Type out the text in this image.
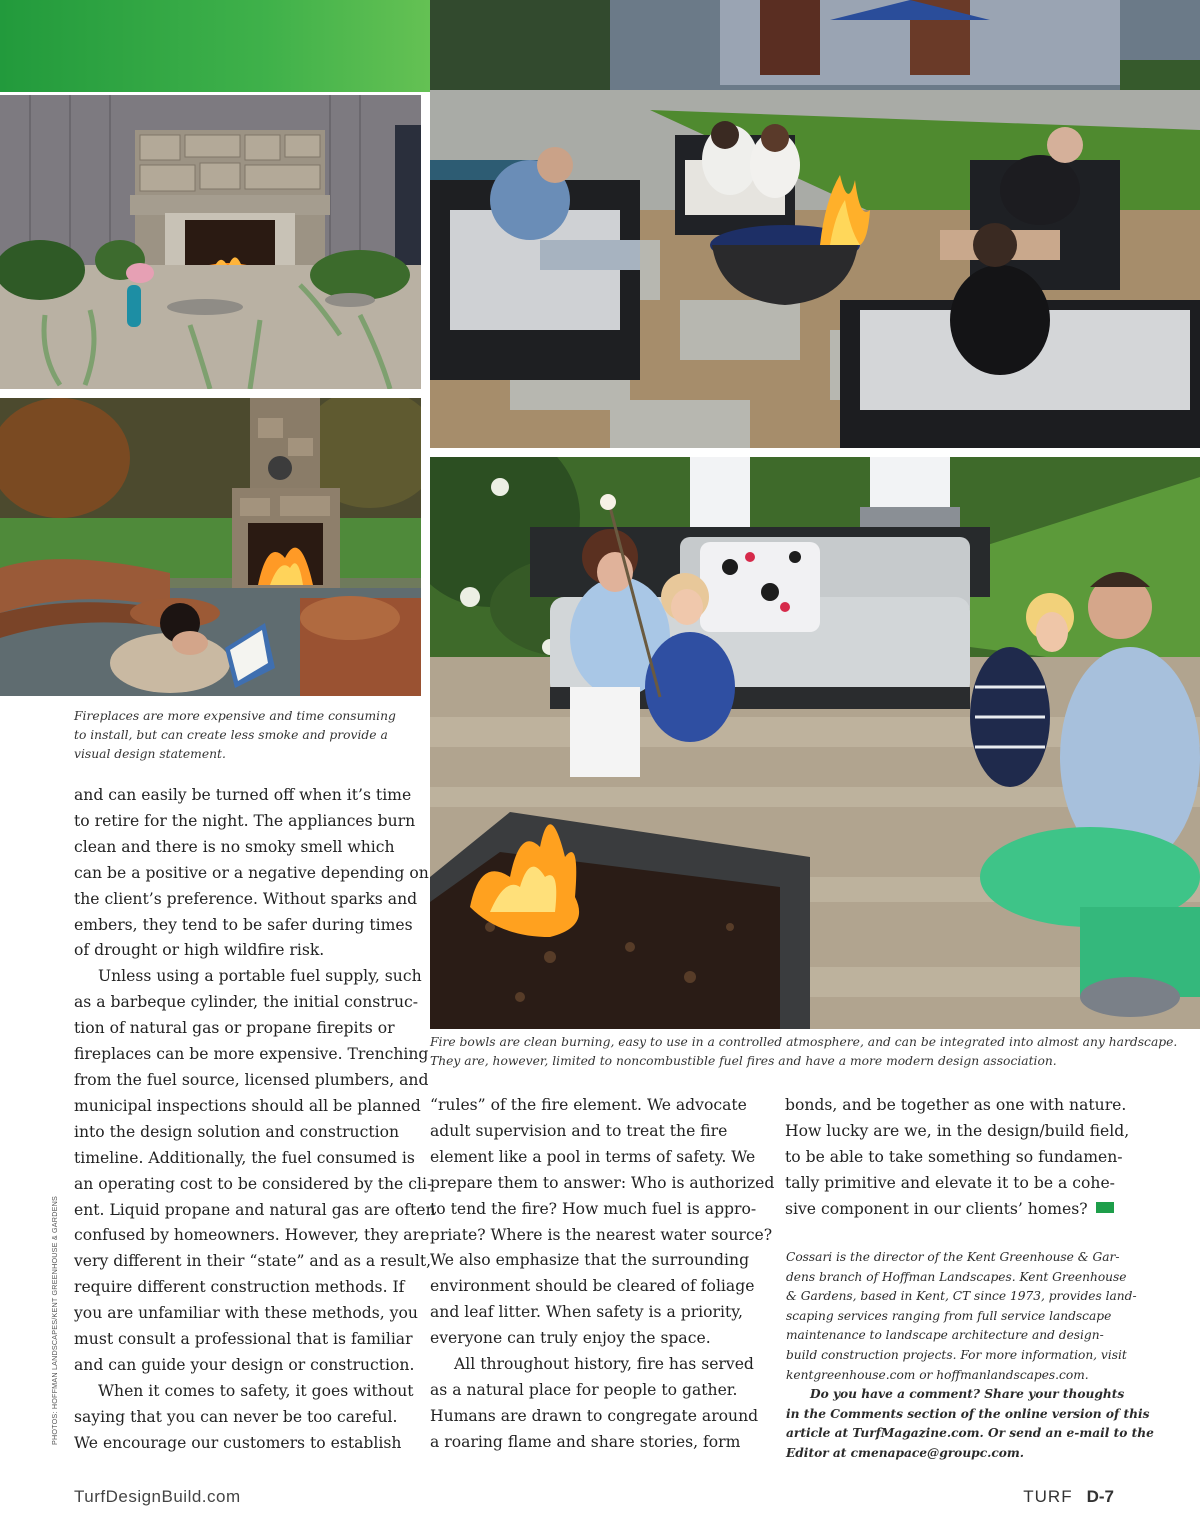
Fireplaces are more expensive and time consuming
to install, but can create less smoke and provide a
visual design statement.
Fire bowls are clean burning, easy to use in a controlled atmosphere, and can be integrated into almost any hardscape.
They are, however, limited to noncombustible fuel fires and have a more modern design association.

and can easily be turned off when it’s time

to retire for the night. The appliances burn

clean and there is no smoky smell which

can be a positive or a negative depending on

the client’s preference. Without sparks and

embers, they tend to be safer during times

of drought or high wildfire risk.

Unless using a portable fuel supply, such

as a barbeque cylinder, the initial construc-

tion of natural gas or propane firepits or

fireplaces can be more expensive. Trenching

from the fuel source, licensed plumbers, and

municipal inspections should all be planned

into the design solution and construction

timeline. Additionally, the fuel consumed is

an operating cost to be considered by the cli-

ent. Liquid propane and natural gas are often

confused by homeowners. However, they are

very different in their “state” and as a result,

require different construction methods. If

you are unfamiliar with these methods, you

must consult a professional that is familiar

and can guide your design or construction.

When it comes to safety, it goes without

saying that you can never be too careful.

We encourage our customers to establish

“rules” of the fire element. We advocate

adult supervision and to treat the fire

element like a pool in terms of safety. We

prepare them to answer: Who is authorized

to tend the fire? How much fuel is appro-

priate? Where is the nearest water source?

We also emphasize that the surrounding

environment should be cleared of foliage

and leaf litter. When safety is a priority,

everyone can truly enjoy the space.

All throughout history, fire has served

as a natural place for people to gather.

Humans are drawn to congregate around

a roaring flame and share stories, form

bonds, and be together as one with nature.

How lucky are we, in the design/build field,

to be able to take something so fundamen-

tally primitive and elevate it to be a cohe-

sive component in our clients’ homes?

Cossari is the director of the Kent Greenhouse & Gar-

dens branch of Hoffman Landscapes. Kent Greenhouse

& Gardens, based in Kent, CT since 1973, provides land-

scaping services ranging from full service landscape

maintenance to landscape architecture and design-

build construction projects. For more information, visit

kentgreenhouse.com or hoffmanlandscapes.com.

Do you have a comment? Share your thoughts

in the Comments section of the online version of this

article at TurfMagazine.com. Or send an e-mail to the

Editor at cmenapace@groupc.com.

PHOTOS: HOFFMAN LANDSCAPES/KENT GREENHOUSE & GARDENS
TurfDesignBuild.com	TURF D-7
